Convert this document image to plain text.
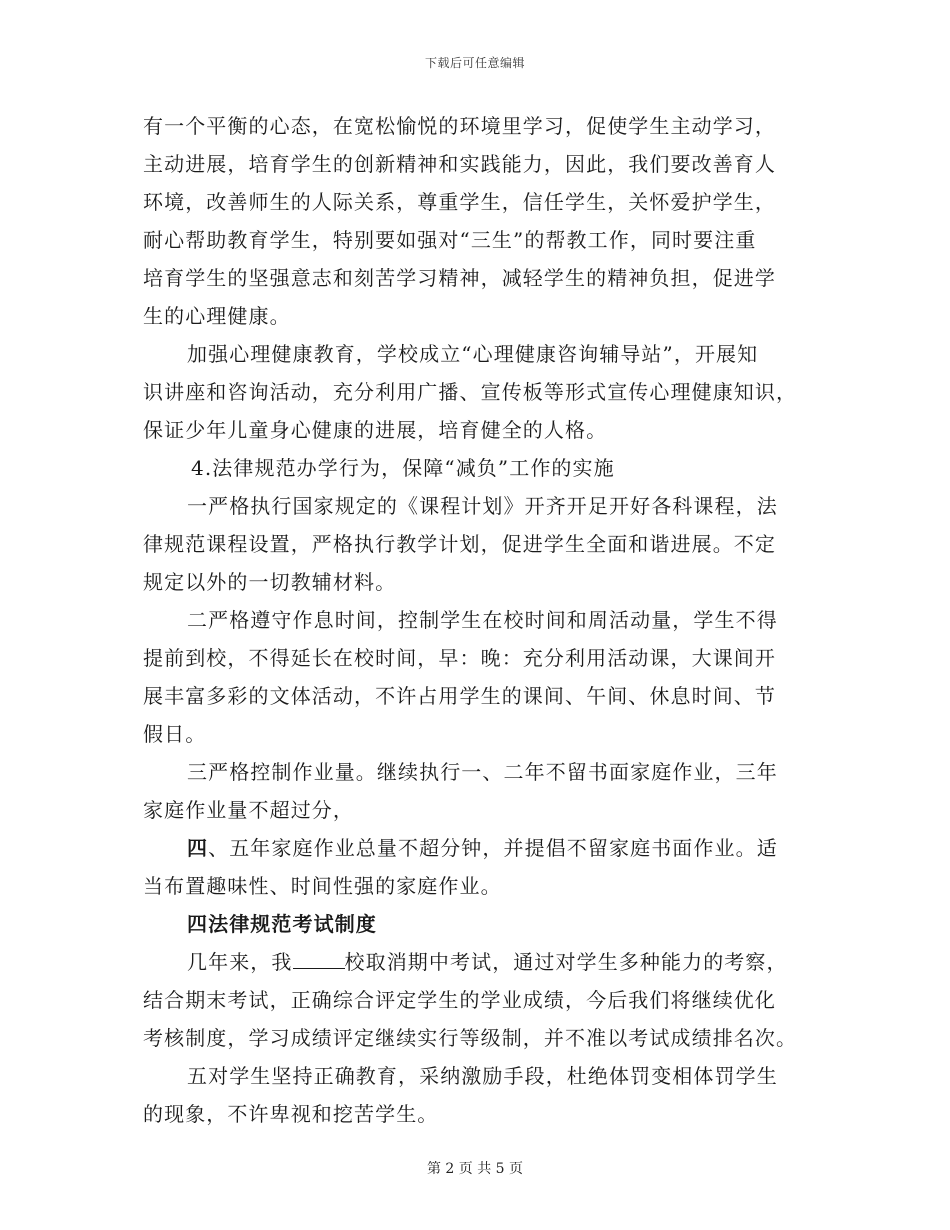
下载后可任意编辑
有一个平衡的心态，在宽松愉悦的环境里学习，促使学生主动学习，
主动进展，培育学生的创新精神和实践能力，因此，我们要改善育人
环境，改善师生的人际关系，尊重学生，信任学生，关怀爱护学生，
耐心帮助教育学生，特别要如强对“三生”的帮教工作，同时要注重
培育学生的坚强意志和刻苦学习精神，减轻学生的精神负担，促进学
生的心理健康。
加强心理健康教育，学校成立“心理健康咨询辅导站”，开展知
识讲座和咨询活动，充分利用广播、宣传板等形式宣传心理健康知识，
保证少年儿童身心健康的进展，培育健全的人格。
4.法律规范办学行为，保障“减负”工作的实施
一严格执行国家规定的《课程计划》开齐开足开好各科课程，法
律规范课程设置，严格执行教学计划，促进学生全面和谐进展。不定
规定以外的一切教辅材料。
二严格遵守作息时间，控制学生在校时间和周活动量，学生不得
提前到校，不得延长在校时间，早：晚：充分利用活动课，大课间开
展丰富多彩的文体活动，不许占用学生的课间、午间、休息时间、节
假日。
三严格控制作业量。继续执行一、二年不留书面家庭作业，三年
家庭作业量不超过分，
四、五年家庭作业总量不超分钟，并提倡不留家庭书面作业。适
当布置趣味性、时间性强的家庭作业。
四法律规范考试制度
几年来，我	校取消期中考试，通过对学生多种能力的考察，
结合期末考试，正确综合评定学生的学业成绩，今后我们将继续优化
考核制度，学习成绩评定继续实行等级制，并不准以考试成绩排名次。
五对学生坚持正确教育，采纳激励手段，杜绝体罚变相体罚学生
的现象，不许卑视和挖苦学生。
第 2 页 共 5 页
